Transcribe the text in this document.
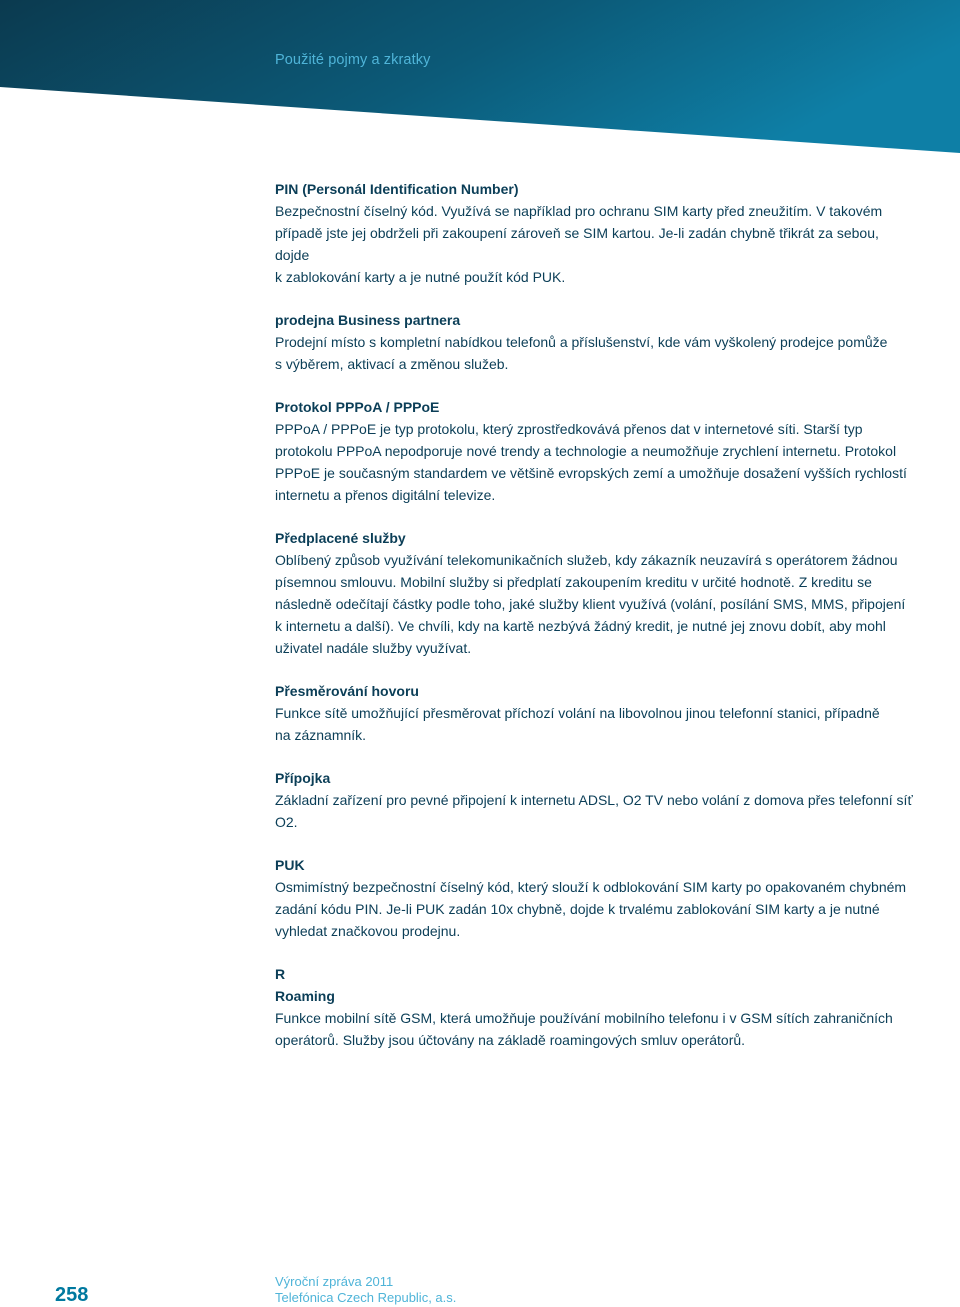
Použité pojmy a zkratky

PIN (Personál Identification Number)

Bezpečnostní číselný kód. Využívá se například pro ochranu SIM karty před zneužitím. V takovém
případě jste jej obdrželi při zakoupení zároveň se SIM kartou. Je-li zadán chybně třikrát za sebou, dojde
k zablokování karty a je nutné použít kód PUK.

prodejna Business partnera

Prodejní místo s kompletní nabídkou telefonů a příslušenství, kde vám vyškolený prodejce pomůže
s výběrem, aktivací a změnou služeb.

Protokol PPPoA / PPPoE

PPPoA / PPPoE je typ protokolu, který zprostředkovává přenos dat v internetové síti. Starší typ
protokolu PPPoA nepodporuje nové trendy a technologie a neumožňuje zrychlení internetu. Protokol
PPPoE je současným standardem ve většině evropských zemí a umožňuje dosažení vyšších rychlostí
internetu a přenos digitální televize.

Předplacené služby

Oblíbený způsob využívání telekomunikačních služeb, kdy zákazník neuzavírá s operátorem žádnou
písemnou smlouvu. Mobilní služby si předplatí zakoupením kreditu v určité hodnotě. Z kreditu se
následně odečítají částky podle toho, jaké služby klient využívá (volání, posílání SMS, MMS, připojení
k internetu a další). Ve chvíli, kdy na kartě nezbývá žádný kredit, je nutné jej znovu dobít, aby mohl
uživatel nadále služby využívat.

Přesměrování hovoru

Funkce sítě umožňující přesměrovat příchozí volání na libovolnou jinou telefonní stanici, případně
na záznamník.

Přípojka

Základní zařízení pro pevné připojení k internetu ADSL, O2 TV nebo volání z domova přes telefonní síť O2.

PUK

Osmimístný bezpečnostní číselný kód, který slouží k odblokování SIM karty po opakovaném chybném
zadání kódu PIN. Je-li PUK zadán 10x chybně, dojde k trvalému zablokování SIM karty a je nutné
vyhledat značkovou prodejnu.

R
Roaming

Funkce mobilní sítě GSM, která umožňuje používání mobilního telefonu i v GSM sítích zahraničních
operátorů. Služby jsou účtovány na základě roamingových smluv operátorů.

258
Výroční zpráva 2011
Telefónica Czech Republic, a.s.
